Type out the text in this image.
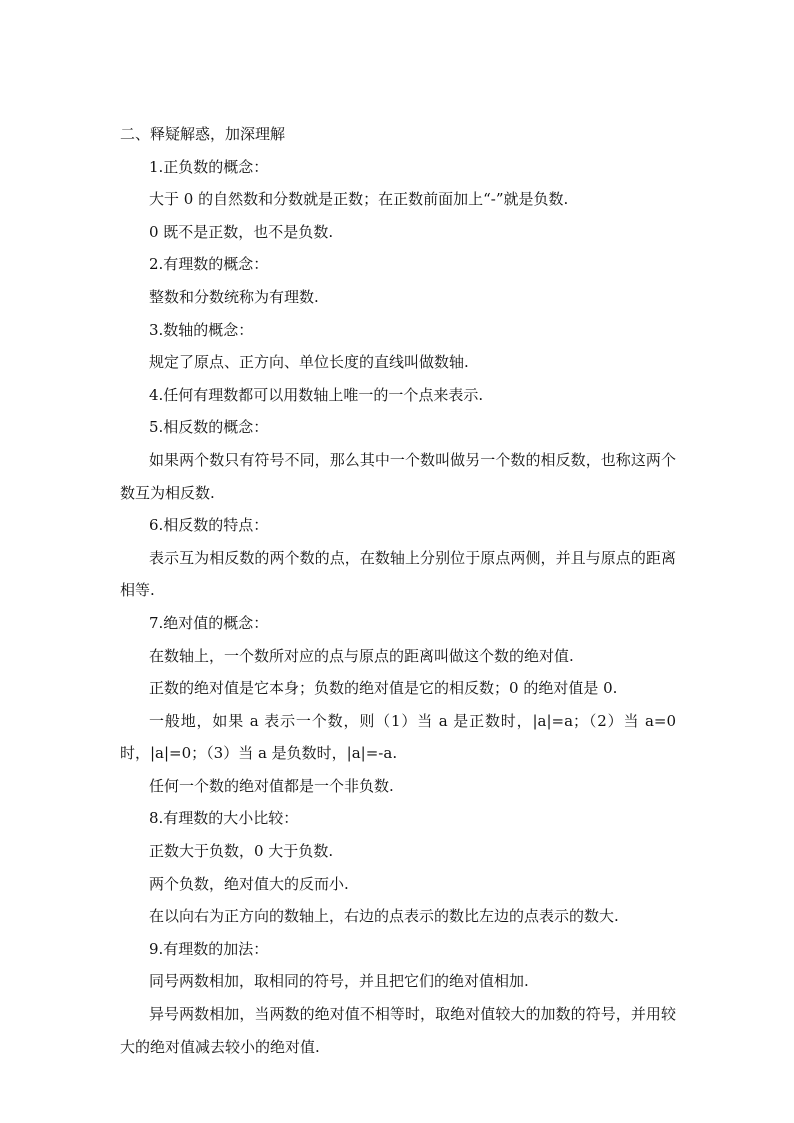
二、释疑解惑，加深理解

1.正负数的概念：

大于 0 的自然数和分数就是正数；在正数前面加上“-”就是负数.

0 既不是正数，也不是负数.

2.有理数的概念：

整数和分数统称为有理数.

3.数轴的概念：

规定了原点、正方向、单位长度的直线叫做数轴.

4.任何有理数都可以用数轴上唯一的一个点来表示.

5.相反数的概念：

如果两个数只有符号不同，那么其中一个数叫做另一个数的相反数，也称这两个数互为相反数.

6.相反数的特点：

表示互为相反数的两个数的点，在数轴上分别位于原点两侧，并且与原点的距离相等.

7.绝对值的概念：

在数轴上，一个数所对应的点与原点的距离叫做这个数的绝对值.

正数的绝对值是它本身；负数的绝对值是它的相反数；0 的绝对值是 0.

一般地，如果 a 表示一个数，则（1）当 a 是正数时，|a|=a；（2）当 a=0 时，|a|=0；（3）当 a 是负数时，|a|=-a.

任何一个数的绝对值都是一个非负数.

8.有理数的大小比较：

正数大于负数，0 大于负数.

两个负数，绝对值大的反而小.

在以向右为正方向的数轴上，右边的点表示的数比左边的点表示的数大.

9.有理数的加法：

同号两数相加，取相同的符号，并且把它们的绝对值相加.

异号两数相加，当两数的绝对值不相等时，取绝对值较大的加数的符号，并用较大的绝对值减去较小的绝对值.
